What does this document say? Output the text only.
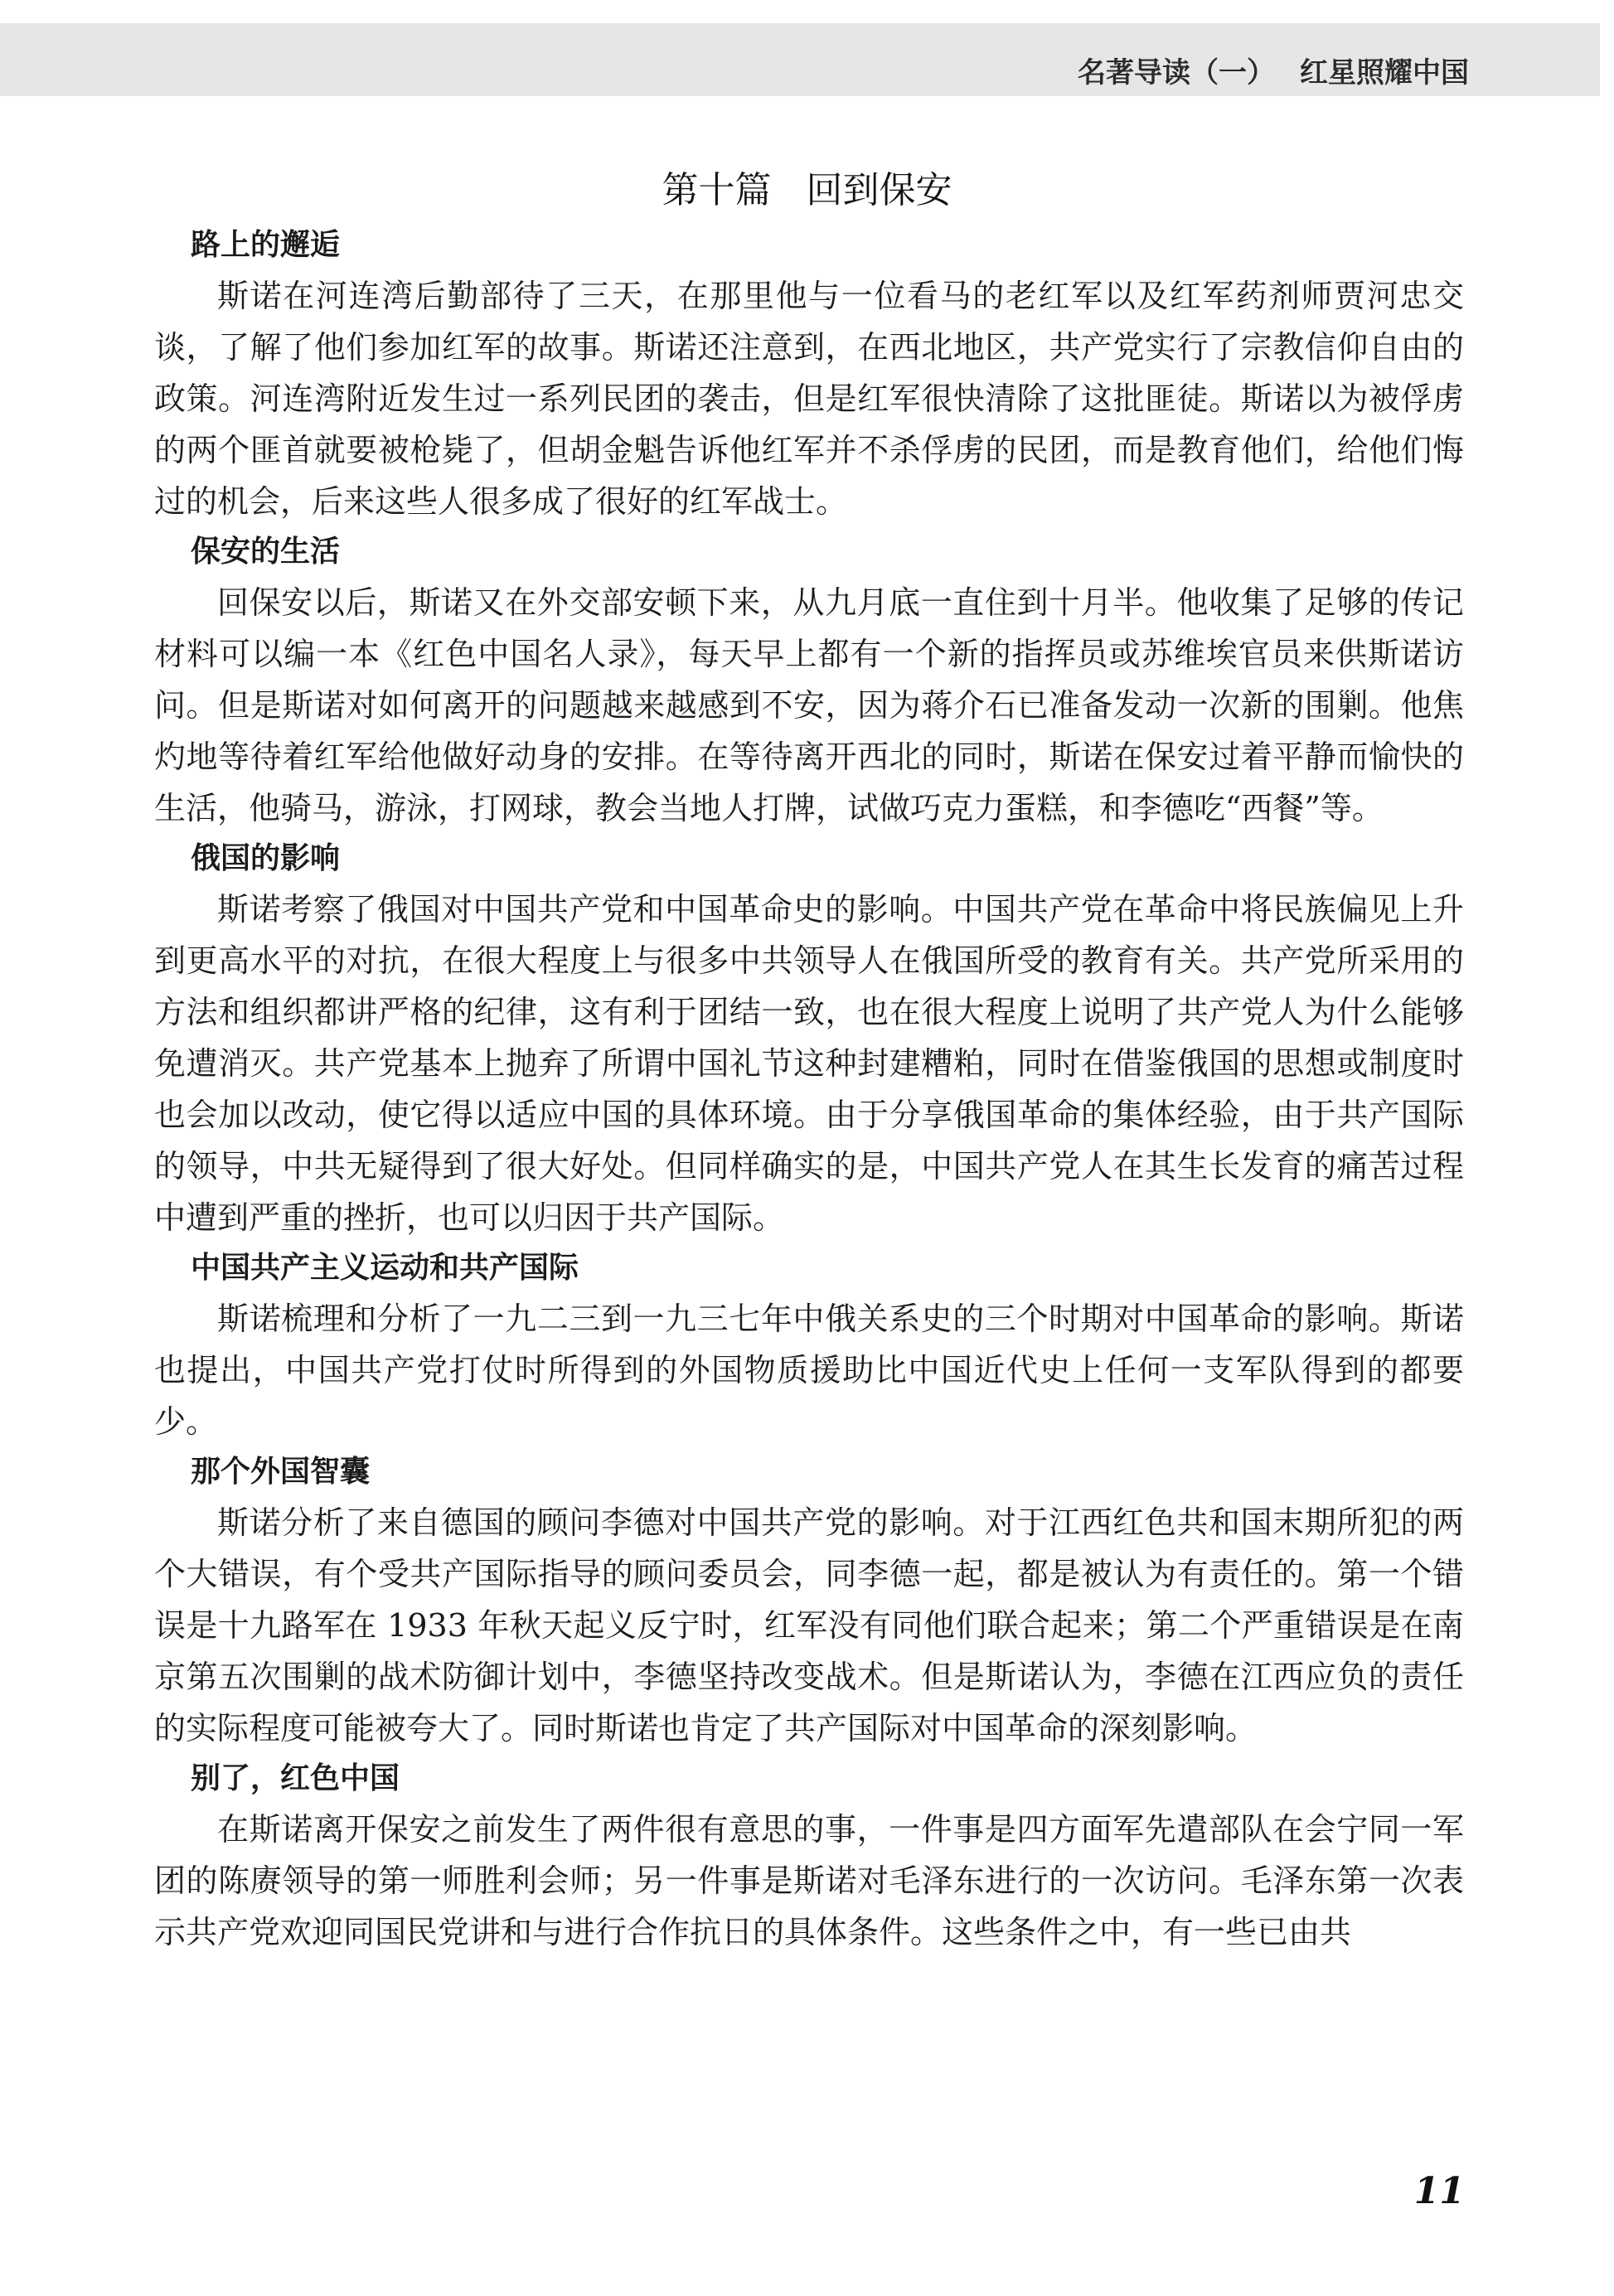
名著导读（一） 红星照耀中国
第十篇 回到保安
路上的邂逅

斯诺在河连湾后勤部待了三天，在那里他与一位看马的老红军以及红军药剂师贾河忠交谈，了解了他们参加红军的故事。斯诺还注意到，在西北地区，共产党实行了宗教信仰自由的政策。河连湾附近发生过一系列民团的袭击，但是红军很快清除了这批匪徒。斯诺以为被俘虏的两个匪首就要被枪毙了，但胡金魁告诉他红军并不杀俘虏的民团，而是教育他们，给他们悔过的机会，后来这些人很多成了很好的红军战士。

保安的生活

回保安以后，斯诺又在外交部安顿下来，从九月底一直住到十月半。他收集了足够的传记材料可以编一本《红色中国名人录》，每天早上都有一个新的指挥员或苏维埃官员来供斯诺访问。但是斯诺对如何离开的问题越来越感到不安，因为蒋介石已准备发动一次新的围剿。他焦灼地等待着红军给他做好动身的安排。在等待离开西北的同时，斯诺在保安过着平静而愉快的生活，他骑马，游泳，打网球，教会当地人打牌，试做巧克力蛋糕，和李德吃“西餐”等。

俄国的影响

斯诺考察了俄国对中国共产党和中国革命史的影响。中国共产党在革命中将民族偏见上升到更高水平的对抗，在很大程度上与很多中共领导人在俄国所受的教育有关。共产党所采用的方法和组织都讲严格的纪律，这有利于团结一致，也在很大程度上说明了共产党人为什么能够免遭消灭。共产党基本上抛弃了所谓中国礼节这种封建糟粕，同时在借鉴俄国的思想或制度时也会加以改动，使它得以适应中国的具体环境。由于分享俄国革命的集体经验，由于共产国际的领导，中共无疑得到了很大好处。但同样确实的是，中国共产党人在其生长发育的痛苦过程中遭到严重的挫折，也可以归因于共产国际。

中国共产主义运动和共产国际

斯诺梳理和分析了一九二三到一九三七年中俄关系史的三个时期对中国革命的影响。斯诺也提出，中国共产党打仗时所得到的外国物质援助比中国近代史上任何一支军队得到的都要少。

那个外国智囊

斯诺分析了来自德国的顾问李德对中国共产党的影响。对于江西红色共和国末期所犯的两个大错误，有个受共产国际指导的顾问委员会，同李德一起，都是被认为有责任的。第一个错误是十九路军在 1933 年秋天起义反宁时，红军没有同他们联合起来；第二个严重错误是在南京第五次围剿的战术防御计划中，李德坚持改变战术。但是斯诺认为，李德在江西应负的责任的实际程度可能被夸大了。同时斯诺也肯定了共产国际对中国革命的深刻影响。

别了，红色中国

在斯诺离开保安之前发生了两件很有意思的事，一件事是四方面军先遣部队在会宁同一军团的陈赓领导的第一师胜利会师；另一件事是斯诺对毛泽东进行的一次访问。毛泽东第一次表示共产党欢迎同国民党讲和与进行合作抗日的具体条件。这些条件之中，有一些已由共

11
